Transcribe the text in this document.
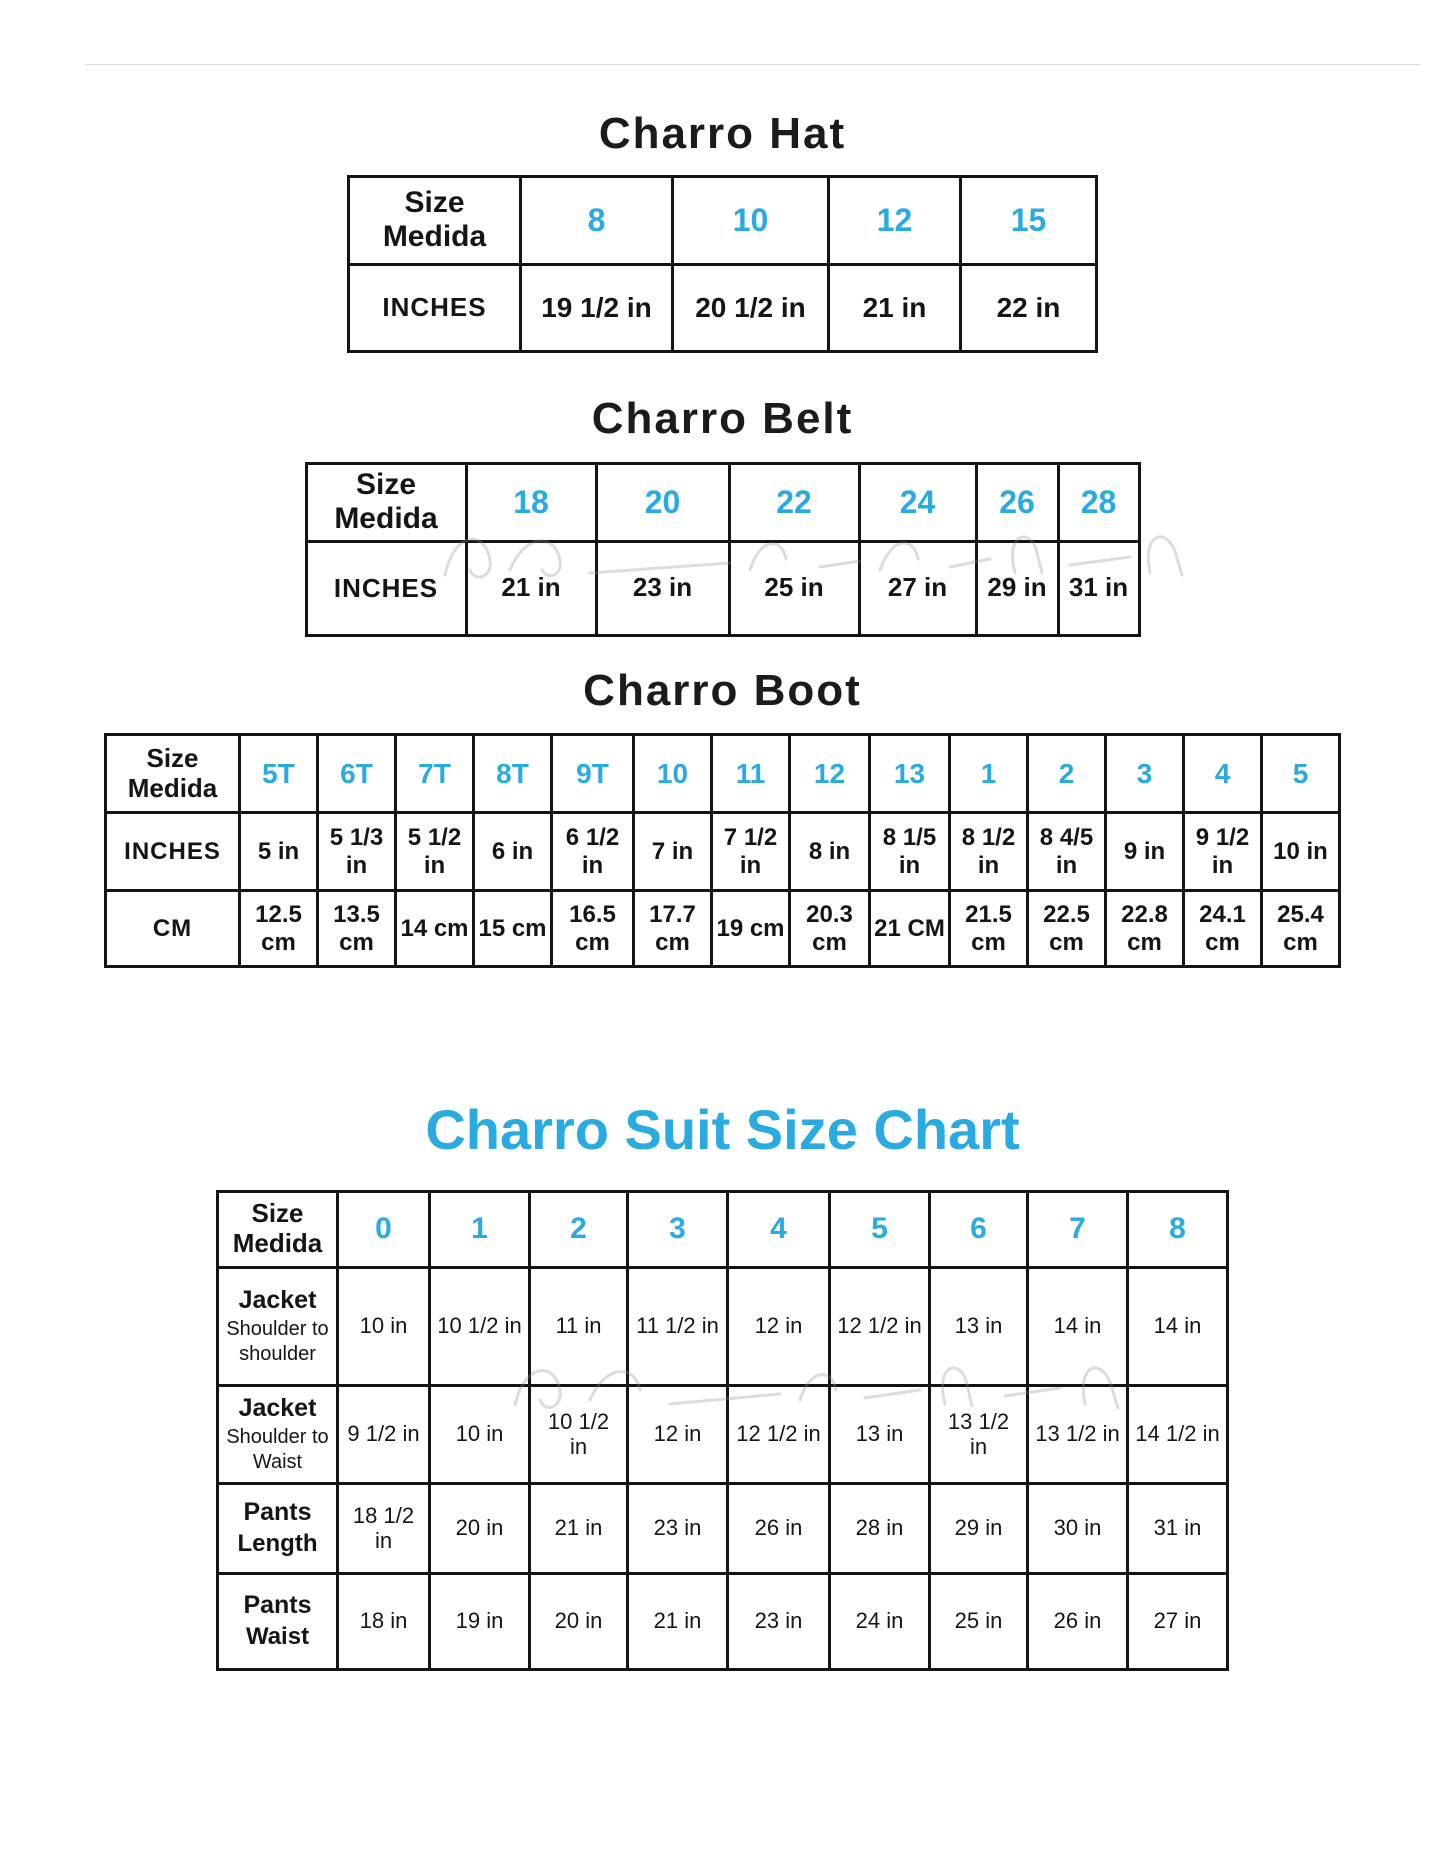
Charro Hat
Size
Medida	8	10	12	15
INCHES	19 1/2 in	20 1/2 in	21 in	22 in
Charro Belt
Size
Medida	18	20	22	24	26	28
INCHES	21 in	23 in	25 in	27 in	29 in	31 in
Charro Boot
Size
Medida	5T	6T	7T	8T	9T	10	11	12	13	1	2	3	4	5
INCHES	5 in	5 1/3 in	5 1/2 in	6 in	6 1/2 in	7 in	7 1/2 in	8 in	8 1/5 in	8 1/2 in	8 4/5 in	9 in	9 1/2 in	10 in
CM	12.5 cm	13.5 cm	14 cm	15 cm	16.5 cm	17.7 cm	19 cm	20.3 cm	21 CM	21.5 cm	22.5 cm	22.8 cm	24.1 cm	25.4 cm
Charro Suit Size Chart
Size
Medida	0	1	2	3	4	5	6	7	8

Jacket
Shoulder to shoulder	10 in	10 1/2 in	11 in	11 1/2 in	12 in	12 1/2 in	13 in	14 in	14 in

Jacket
Shoulder to Waist	9 1/2 in	10 in	10 1/2 in	12 in	12 1/2 in	13 in	13 1/2 in	13 1/2 in	14 1/2 in

Pants
Length	18 1/2 in	20 in	21 in	23 in	26 in	28 in	29 in	30 in	31 in

Pants
Waist	18 in	19 in	20 in	21 in	23 in	24 in	25 in	26 in	27 in
